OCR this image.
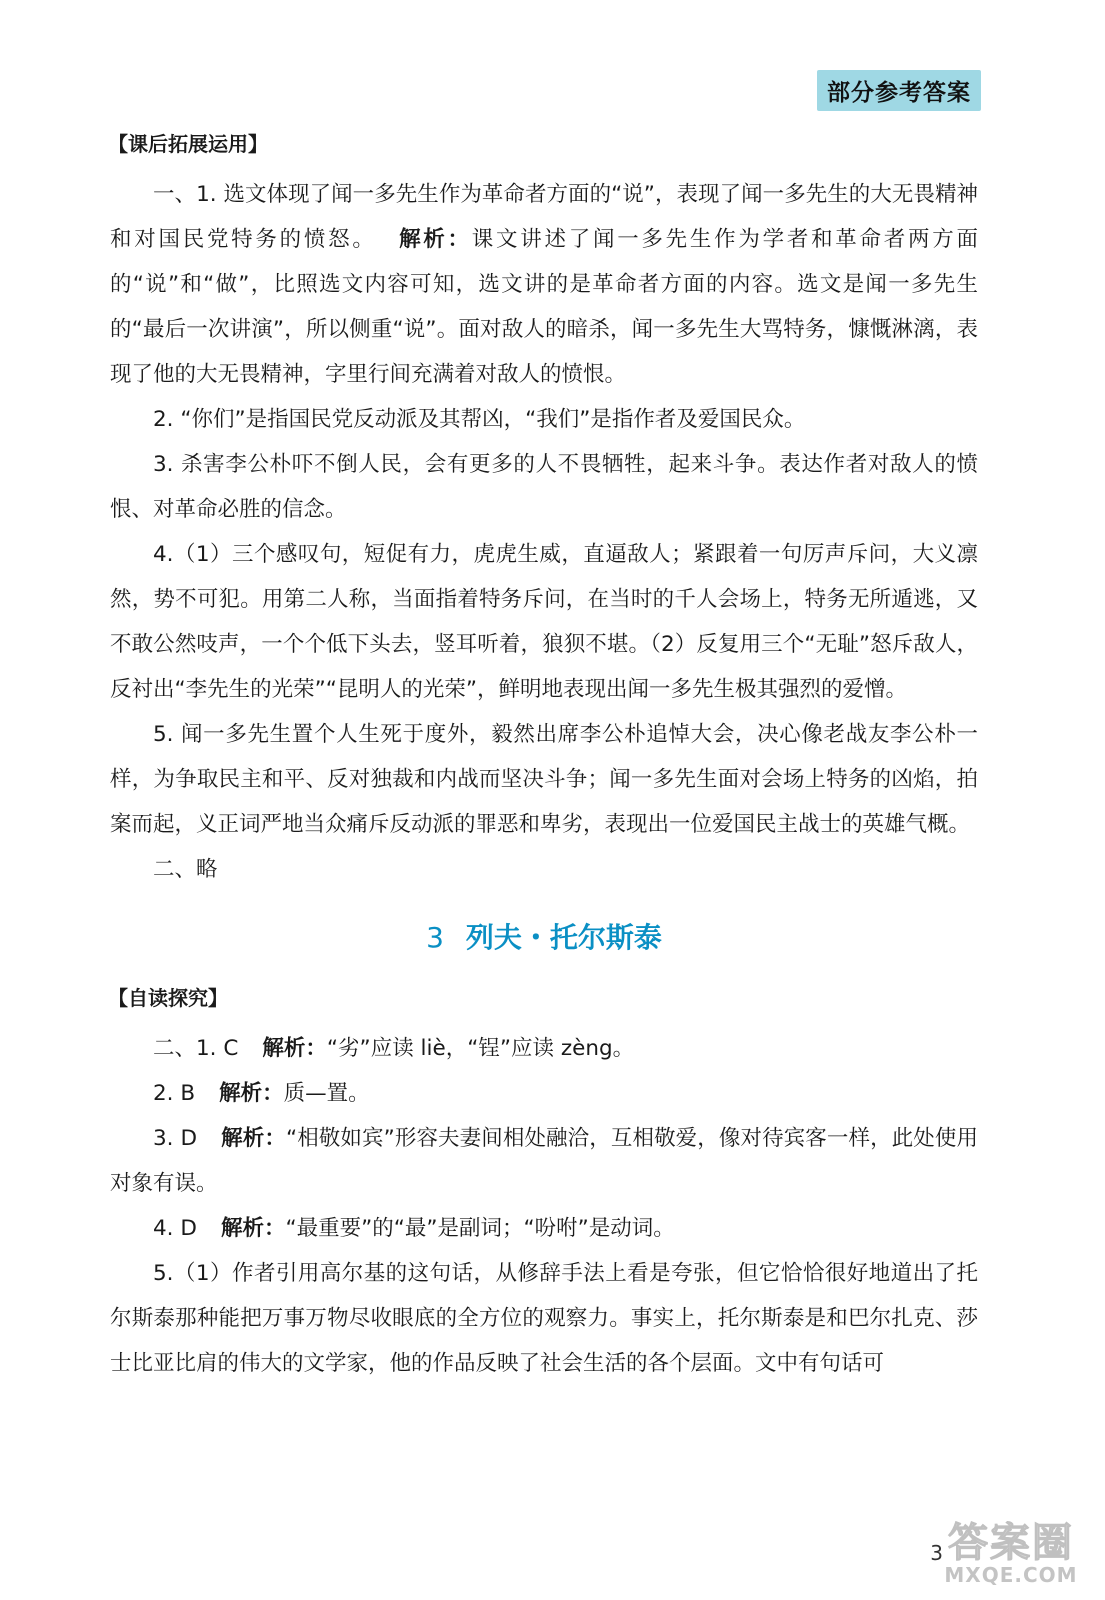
部分参考答案
【课后拓展运用】

一、1. 选文体现了闻一多先生作为革命者方面的“说”，表现了闻一多先生的大无畏精神和对国民党特务的愤怒。 解析：课文讲述了闻一多先生作为学者和革命者两方面的“说”和“做”，比照选文内容可知，选文讲的是革命者方面的内容。选文是闻一多先生的“最后一次讲演”，所以侧重“说”。面对敌人的暗杀，闻一多先生大骂特务，慷慨淋漓，表现了他的大无畏精神，字里行间充满着对敌人的愤恨。

2. “你们”是指国民党反动派及其帮凶，“我们”是指作者及爱国民众。

3. 杀害李公朴吓不倒人民，会有更多的人不畏牺牲，起来斗争。表达作者对敌人的愤恨、对革命必胜的信念。

4.（1）三个感叹句，短促有力，虎虎生威，直逼敌人；紧跟着一句厉声斥问，大义凛然，势不可犯。用第二人称，当面指着特务斥问，在当时的千人会场上，特务无所遁逃，又不敢公然吱声，一个个低下头去，竖耳听着，狼狈不堪。（2）反复用三个“无耻”怒斥敌人，反衬出“李先生的光荣”“昆明人的光荣”，鲜明地表现出闻一多先生极其强烈的爱憎。

5. 闻一多先生置个人生死于度外，毅然出席李公朴追悼大会，决心像老战友李公朴一样，为争取民主和平、反对独裁和内战而坚决斗争；闻一多先生面对会场上特务的凶焰，拍案而起，义正词严地当众痛斥反动派的罪恶和卑劣，表现出一位爱国民主战士的英雄气概。

二、略

3 列夫・托尔斯泰
【自读探究】

二、1. C 解析：“劣”应读 liè，“锃”应读 zèng。

2. B 解析：质—置。

3. D 解析：“相敬如宾”形容夫妻间相处融洽，互相敬爱，像对待宾客一样，此处使用对象有误。

4. D 解析：“最重要”的“最”是副词；“吩咐”是动词。

5.（1）作者引用高尔基的这句话，从修辞手法上看是夸张，但它恰恰很好地道出了托尔斯泰那种能把万事万物尽收眼底的全方位的观察力。事实上，托尔斯泰是和巴尔扎克、莎士比亚比肩的伟大的文学家，他的作品反映了社会生活的各个层面。文中有句话可

3 答案圈
MXQE.COM
